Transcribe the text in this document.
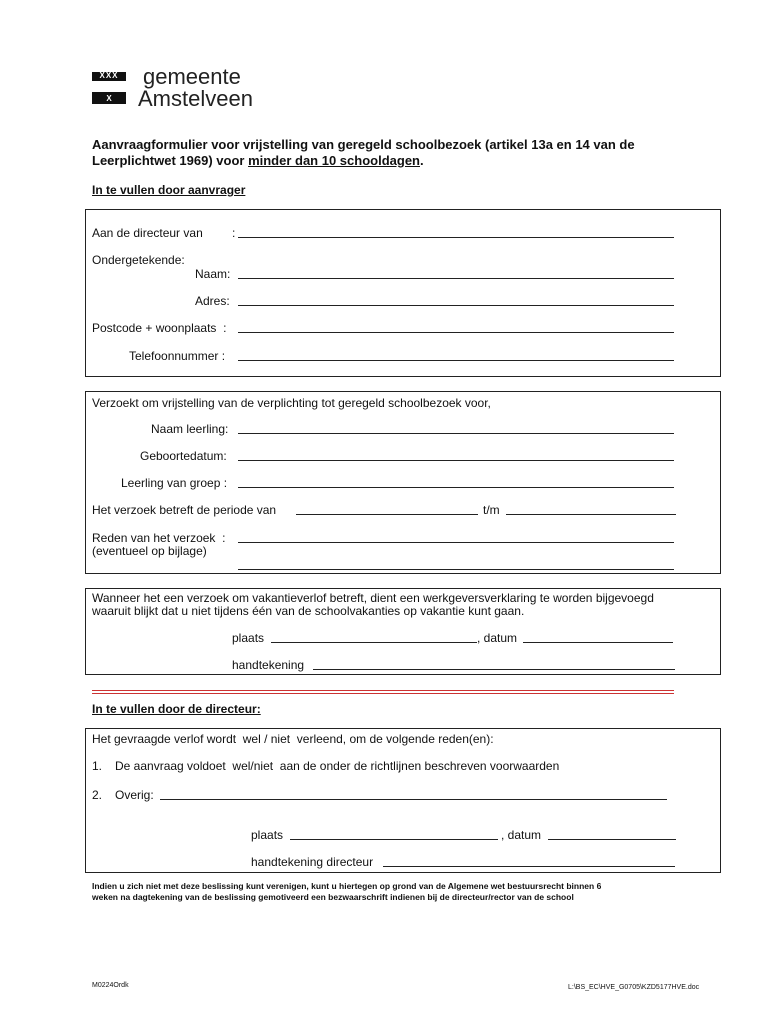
XXX
X
gemeente
Amstelveen
Aanvraagformulier voor vrijstelling van geregeld schoolbezoek (artikel 13a en 14 van de
Leerplichtwet 1969) voor minder dan 10 schooldagen.
In te vullen door aanvrager
Aan de directeur van :
Ondergetekende:
Naam:
Adres:
Postcode + woonplaats  :
Telefoonnummer :
Verzoekt om vrijstelling van de verplichting tot geregeld schoolbezoek voor,
Naam leerling:
Geboortedatum:
Leerling van groep :
Het verzoek betreft de periode van	t/m
Reden van het verzoek  :
(eventueel op bijlage)
Wanneer het een verzoek om vakantieverlof betreft, dient een werkgeversverklaring te worden bijgevoegd
waaruit blijkt dat u niet tijdens één van de schoolvakanties op vakantie kunt gaan.
plaats	, datum
handtekening
In te vullen door de directeur:
Het gevraagde verlof wordt  wel / niet  verleend, om de volgende reden(en):
1. De aanvraag voldoet  wel/niet  aan de onder de richtlijnen beschreven voorwaarden
2. Overig:
plaats	, datum
handtekening directeur
Indien u zich niet met deze beslissing kunt verenigen, kunt u hiertegen op grond van de Algemene wet bestuursrecht binnen 6
weken na dagtekening van de beslissing gemotiveerd een bezwaarschrift indienen bij de directeur/rector van de school
M0224Ordk	L:\BS_EC\HVE_G0705\KZD5177HVE.doc
